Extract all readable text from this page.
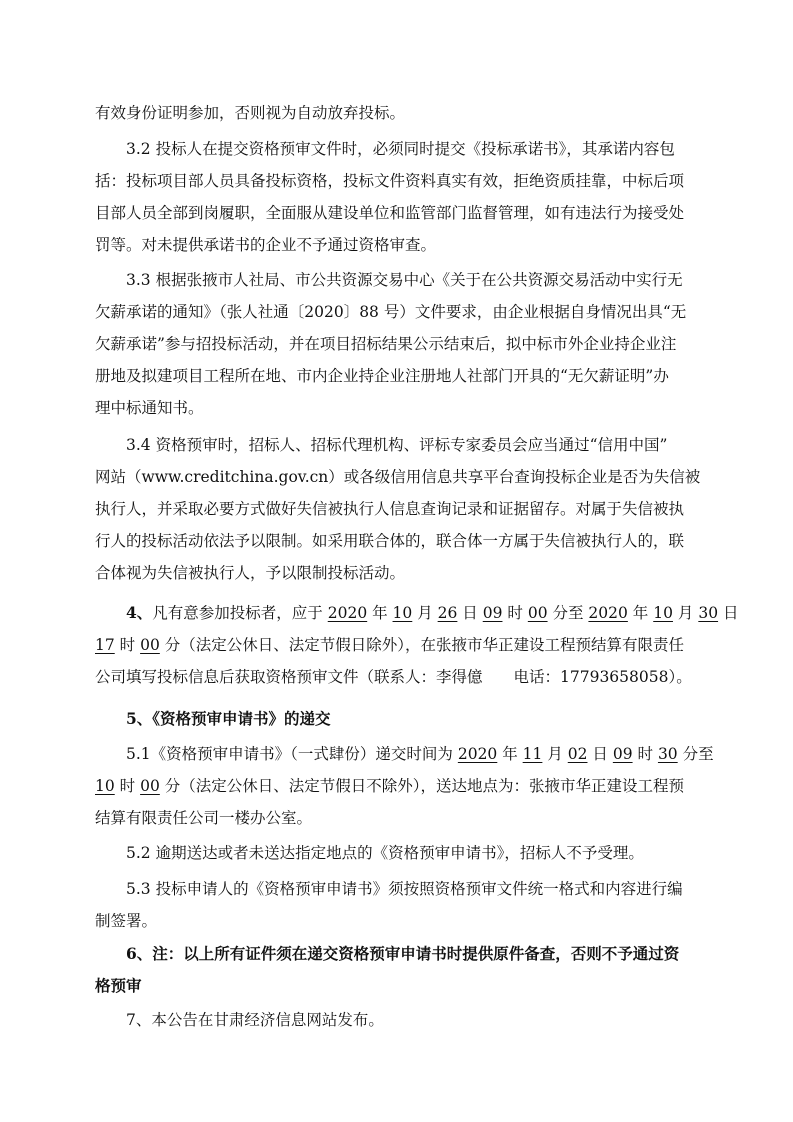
有效身份证明参加，否则视为自动放弃投标。
3.2 投标人在提交资格预审文件时，必须同时提交《投标承诺书》，其承诺内容包
括：投标项目部人员具备投标资格，投标文件资料真实有效，拒绝资质挂靠，中标后项
目部人员全部到岗履职，全面服从建设单位和监管部门监督管理，如有违法行为接受处
罚等。对未提供承诺书的企业不予通过资格审查。
3.3 根据张掖市人社局、市公共资源交易中心《关于在公共资源交易活动中实行无
欠薪承诺的通知》（张人社通〔2020〕88 号）文件要求，由企业根据自身情况出具“无
欠薪承诺”参与招投标活动，并在项目招标结果公示结束后，拟中标市外企业持企业注
册地及拟建项目工程所在地、市内企业持企业注册地人社部门开具的“无欠薪证明”办
理中标通知书。
3.4 资格预审时，招标人、招标代理机构、评标专家委员会应当通过“信用中国”
网站（www.creditchina.gov.cn）或各级信用信息共享平台查询投标企业是否为失信被
执行人，并采取必要方式做好失信被执行人信息查询记录和证据留存。对属于失信被执
行人的投标活动依法予以限制。如采用联合体的，联合体一方属于失信被执行人的，联
合体视为失信被执行人，予以限制投标活动。
4、凡有意参加投标者，应于 2020 年 10 月 26 日 09 时 00 分至 2020 年 10 月 30 日
17 时 00 分（法定公休日、法定节假日除外），在张掖市华正建设工程预结算有限责任
公司填写投标信息后获取资格预审文件（联系人：李得億　　电话：17793658058）。
5、《资格预审申请书》的递交
5.1《资格预审申请书》（一式肆份）递交时间为 2020 年 11 月 02 日 09 时 30 分至
10 时 00 分（法定公休日、法定节假日不除外），送达地点为：张掖市华正建设工程预
结算有限责任公司一楼办公室。
5.2 逾期送达或者未送达指定地点的《资格预审申请书》，招标人不予受理。
5.3 投标申请人的《资格预审申请书》须按照资格预审文件统一格式和内容进行编
制签署。
6、注：以上所有证件须在递交资格预审申请书时提供原件备查，否则不予通过资
格预审
7、本公告在甘肃经济信息网站发布。
